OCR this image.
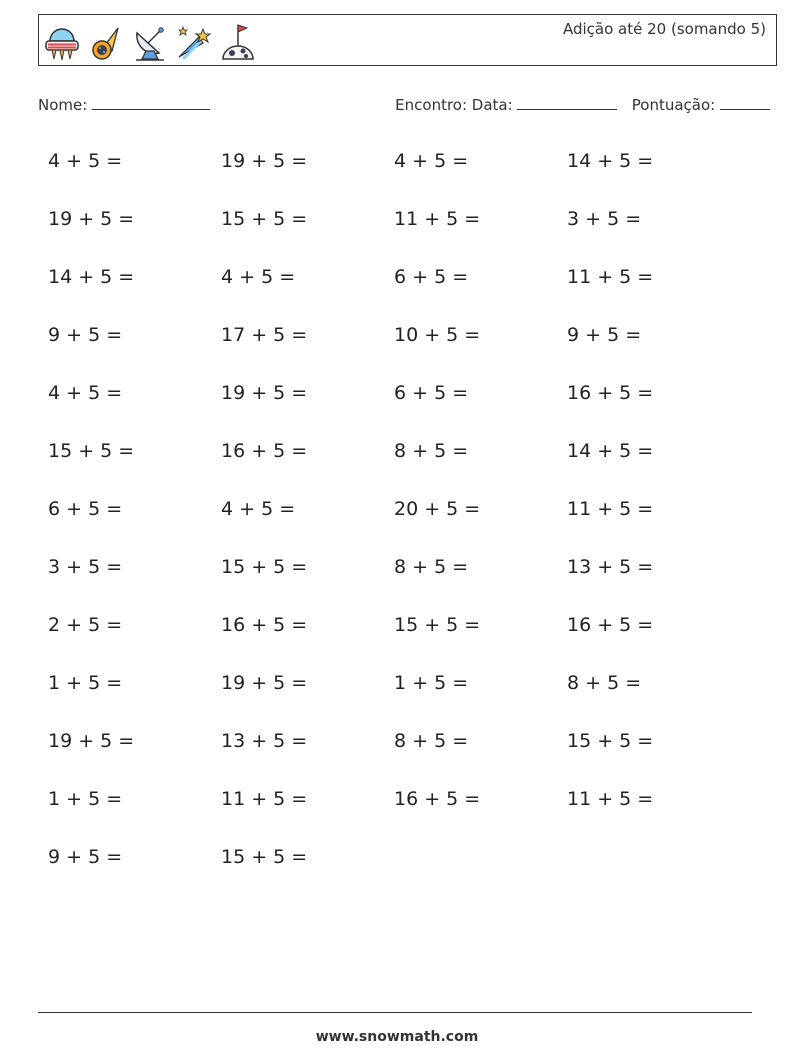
Adição até 20 (somando 5)
Nome:	Encontro: Data:	Pontuação:
4 + 5 =	19 + 5 =	4 + 5 =	14 + 5 =
19 + 5 =	15 + 5 =	11 + 5 =	3 + 5 =
14 + 5 =	4 + 5 =	6 + 5 =	11 + 5 =
9 + 5 =	17 + 5 =	10 + 5 =	9 + 5 =
4 + 5 =	19 + 5 =	6 + 5 =	16 + 5 =
15 + 5 =	16 + 5 =	8 + 5 =	14 + 5 =
6 + 5 =	4 + 5 =	20 + 5 =	11 + 5 =
3 + 5 =	15 + 5 =	8 + 5 =	13 + 5 =
2 + 5 =	16 + 5 =	15 + 5 =	16 + 5 =
1 + 5 =	19 + 5 =	1 + 5 =	8 + 5 =
19 + 5 =	13 + 5 =	8 + 5 =	15 + 5 =
1 + 5 =	11 + 5 =	16 + 5 =	11 + 5 =
9 + 5 =	15 + 5 =
www.snowmath.com
